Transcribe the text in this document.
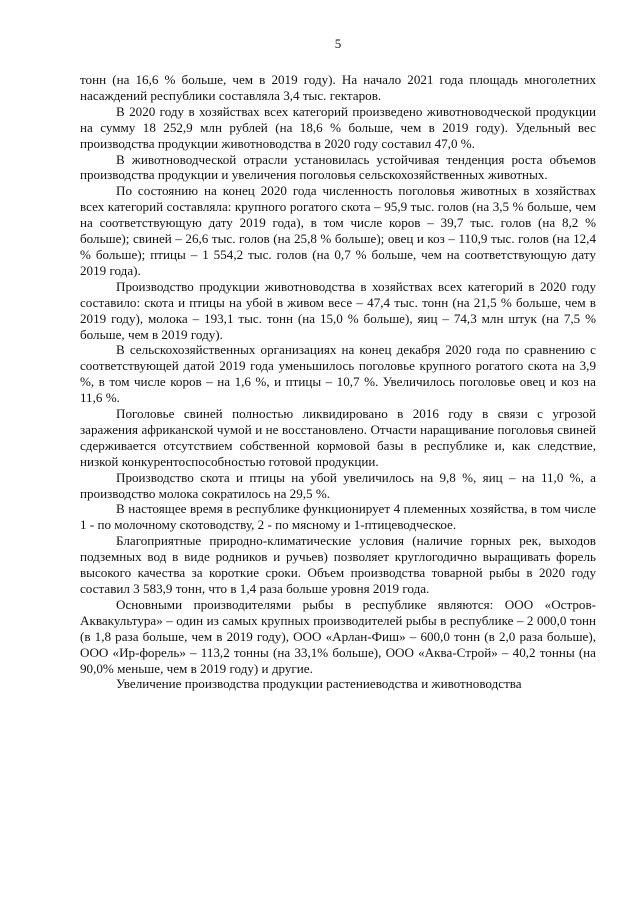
5

тонн (на 16,6 % больше, чем в 2019 году). На начало 2021 года площадь многолетних насаждений республики составляла 3,4 тыс. гектаров.

В 2020 году в хозяйствах всех категорий произведено животноводческой продукции на сумму 18 252,9 млн рублей (на 18,6 % больше, чем в 2019 году). Удельный вес производства продукции животноводства в 2020 году составил 47,0 %.

В животноводческой отрасли установилась устойчивая тенденция роста объемов производства продукции и увеличения поголовья сельскохозяйственных животных.

По состоянию на конец 2020 года численность поголовья животных в хозяйствах всех категорий составляла: крупного рогатого скота – 95,9 тыс. голов (на 3,5 % больше, чем на соответствующую дату 2019 года), в том числе коров – 39,7 тыс. голов (на 8,2 % больше); свиней – 26,6 тыс. голов (на 25,8 % больше); овец и коз – 110,9 тыс. голов (на 12,4 % больше); птицы – 1 554,2 тыс. голов (на 0,7 % больше, чем на соответствующую дату 2019 года).

Производство продукции животноводства в хозяйствах всех категорий в 2020 году составило: скота и птицы на убой в живом весе – 47,4 тыс. тонн (на 21,5 % больше, чем в 2019 году), молока – 193,1 тыс. тонн (на 15,0 % больше), яиц – 74,3 млн штук (на 7,5 % больше, чем в 2019 году).

В сельскохозяйственных организациях на конец декабря 2020 года по сравнению с соответствующей датой 2019 года уменьшилось поголовье крупного рогатого скота на 3,9 %, в том числе коров – на 1,6 %, и птицы – 10,7 %. Увеличилось поголовье овец и коз на 11,6 %.

Поголовье свиней полностью ликвидировано в 2016 году в связи с угрозой заражения африканской чумой и не восстановлено. Отчасти наращивание поголовья свиней сдерживается отсутствием собственной кормовой базы в республике и, как следствие, низкой конкурентоспособностью готовой продукции.

Производство скота и птицы на убой увеличилось на 9,8 %, яиц – на 11,0 %, а производство молока сократилось на 29,5 %.

В настоящее время в республике функционирует 4 племенных хозяйства, в том числе 1 - по молочному скотоводству, 2 - по мясному и 1-птицеводческое.

Благоприятные природно-климатические условия (наличие горных рек, выходов подземных вод в виде родников и ручьев) позволяет круглогодично выращивать форель высокого качества за короткие сроки. Объем производства товарной рыбы в 2020 году составил 3 583,9 тонн, что в 1,4 раза больше уровня 2019 года.

Основными производителями рыбы в республике являются: ООО «Остров-Аквакультура» – один из самых крупных производителей рыбы в республике – 2 000,0 тонн (в 1,8 раза больше, чем в 2019 году), ООО «Арлан-Фиш» – 600,0 тонн (в 2,0 раза больше), ООО «Ир-форель» – 113,2 тонны (на 33,1% больше), ООО «Аква-Строй» – 40,2 тонны (на 90,0% меньше, чем в 2019 году) и другие.

Увеличение производства продукции растениеводства и животноводства
